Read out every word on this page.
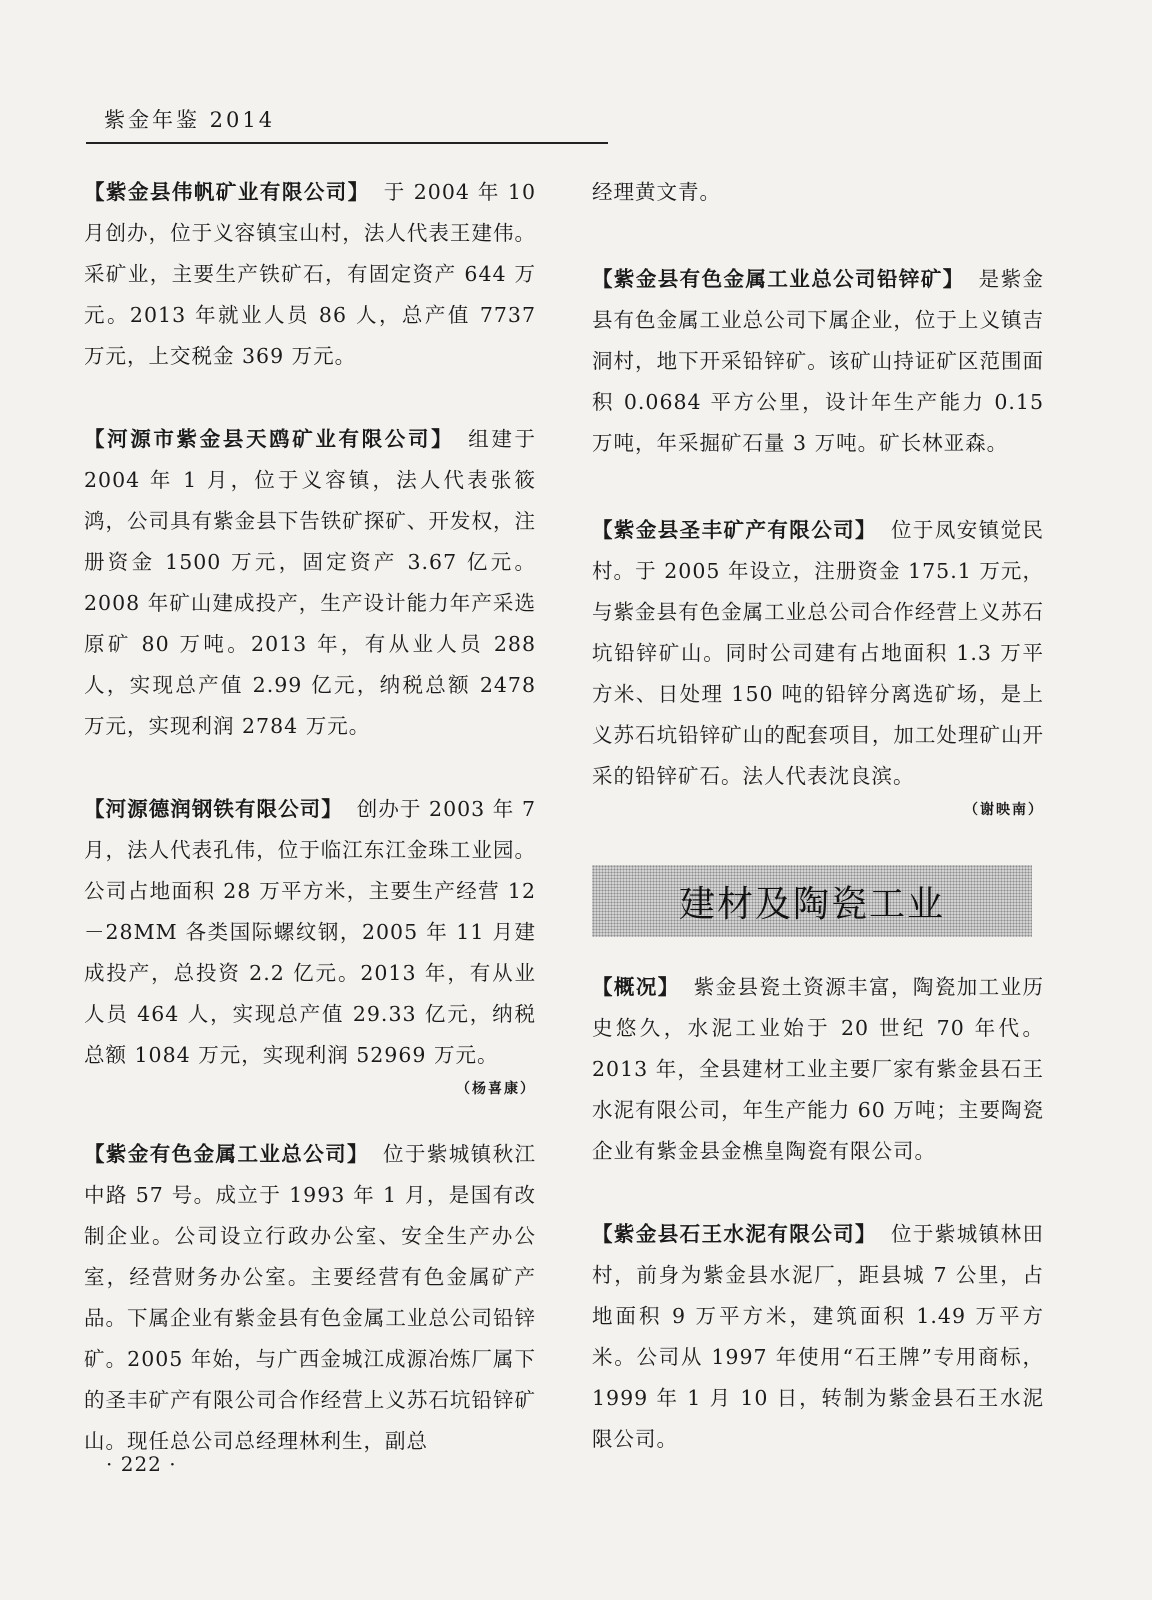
紫金年鉴 2014

【紫金县伟帆矿业有限公司】 于 2004 年 10 月创办，位于义容镇宝山村，法人代表王建伟。采矿业，主要生产铁矿石，有固定资产 644 万元。2013 年就业人员 86 人，总产值 7737 万元，上交税金 369 万元。

【河源市紫金县天鸥矿业有限公司】 组建于 2004 年 1 月，位于义容镇，法人代表张筱鸿，公司具有紫金县下告铁矿探矿、开发权，注册资金 1500 万元，固定资产 3.67 亿元。2008 年矿山建成投产，生产设计能力年产采选原矿 80 万吨。2013 年，有从业人员 288 人，实现总产值 2.99 亿元，纳税总额 2478 万元，实现利润 2784 万元。

【河源德润钢铁有限公司】 创办于 2003 年 7 月，法人代表孔伟，位于临江东江金珠工业园。公司占地面积 28 万平方米，主要生产经营 12－28MM 各类国际螺纹钢，2005 年 11 月建成投产，总投资 2.2 亿元。2013 年，有从业人员 464 人，实现总产值 29.33 亿元，纳税总额 1084 万元，实现利润 52969 万元。

（杨喜康）

【紫金有色金属工业总公司】 位于紫城镇秋江中路 57 号。成立于 1993 年 1 月，是国有改制企业。公司设立行政办公室、安全生产办公室，经营财务办公室。主要经营有色金属矿产品。下属企业有紫金县有色金属工业总公司铅锌矿。2005 年始，与广西金城江成源冶炼厂属下的圣丰矿产有限公司合作经营上义苏石坑铅锌矿山。现任总公司总经理林利生，副总

经理黄文青。

【紫金县有色金属工业总公司铅锌矿】 是紫金县有色金属工业总公司下属企业，位于上义镇吉洞村，地下开采铅锌矿。该矿山持证矿区范围面积 0.0684 平方公里，设计年生产能力 0.15 万吨，年采掘矿石量 3 万吨。矿长林亚森。

【紫金县圣丰矿产有限公司】 位于凤安镇觉民村。于 2005 年设立，注册资金 175.1 万元，与紫金县有色金属工业总公司合作经营上义苏石坑铅锌矿山。同时公司建有占地面积 1.3 万平方米、日处理 150 吨的铅锌分离选矿场，是上义苏石坑铅锌矿山的配套项目，加工处理矿山开采的铅锌矿石。法人代表沈良滨。

（谢映南）
建材及陶瓷工业

【概况】 紫金县瓷土资源丰富，陶瓷加工业历史悠久，水泥工业始于 20 世纪 70 年代。2013 年，全县建材工业主要厂家有紫金县石王水泥有限公司，年生产能力 60 万吨；主要陶瓷企业有紫金县金樵皇陶瓷有限公司。

【紫金县石王水泥有限公司】 位于紫城镇林田村，前身为紫金县水泥厂，距县城 7 公里，占地面积 9 万平方米，建筑面积 1.49 万平方米。公司从 1997 年使用“石王牌”专用商标，1999 年 1 月 10 日，转制为紫金县石王水泥限公司。

· 222 ·
